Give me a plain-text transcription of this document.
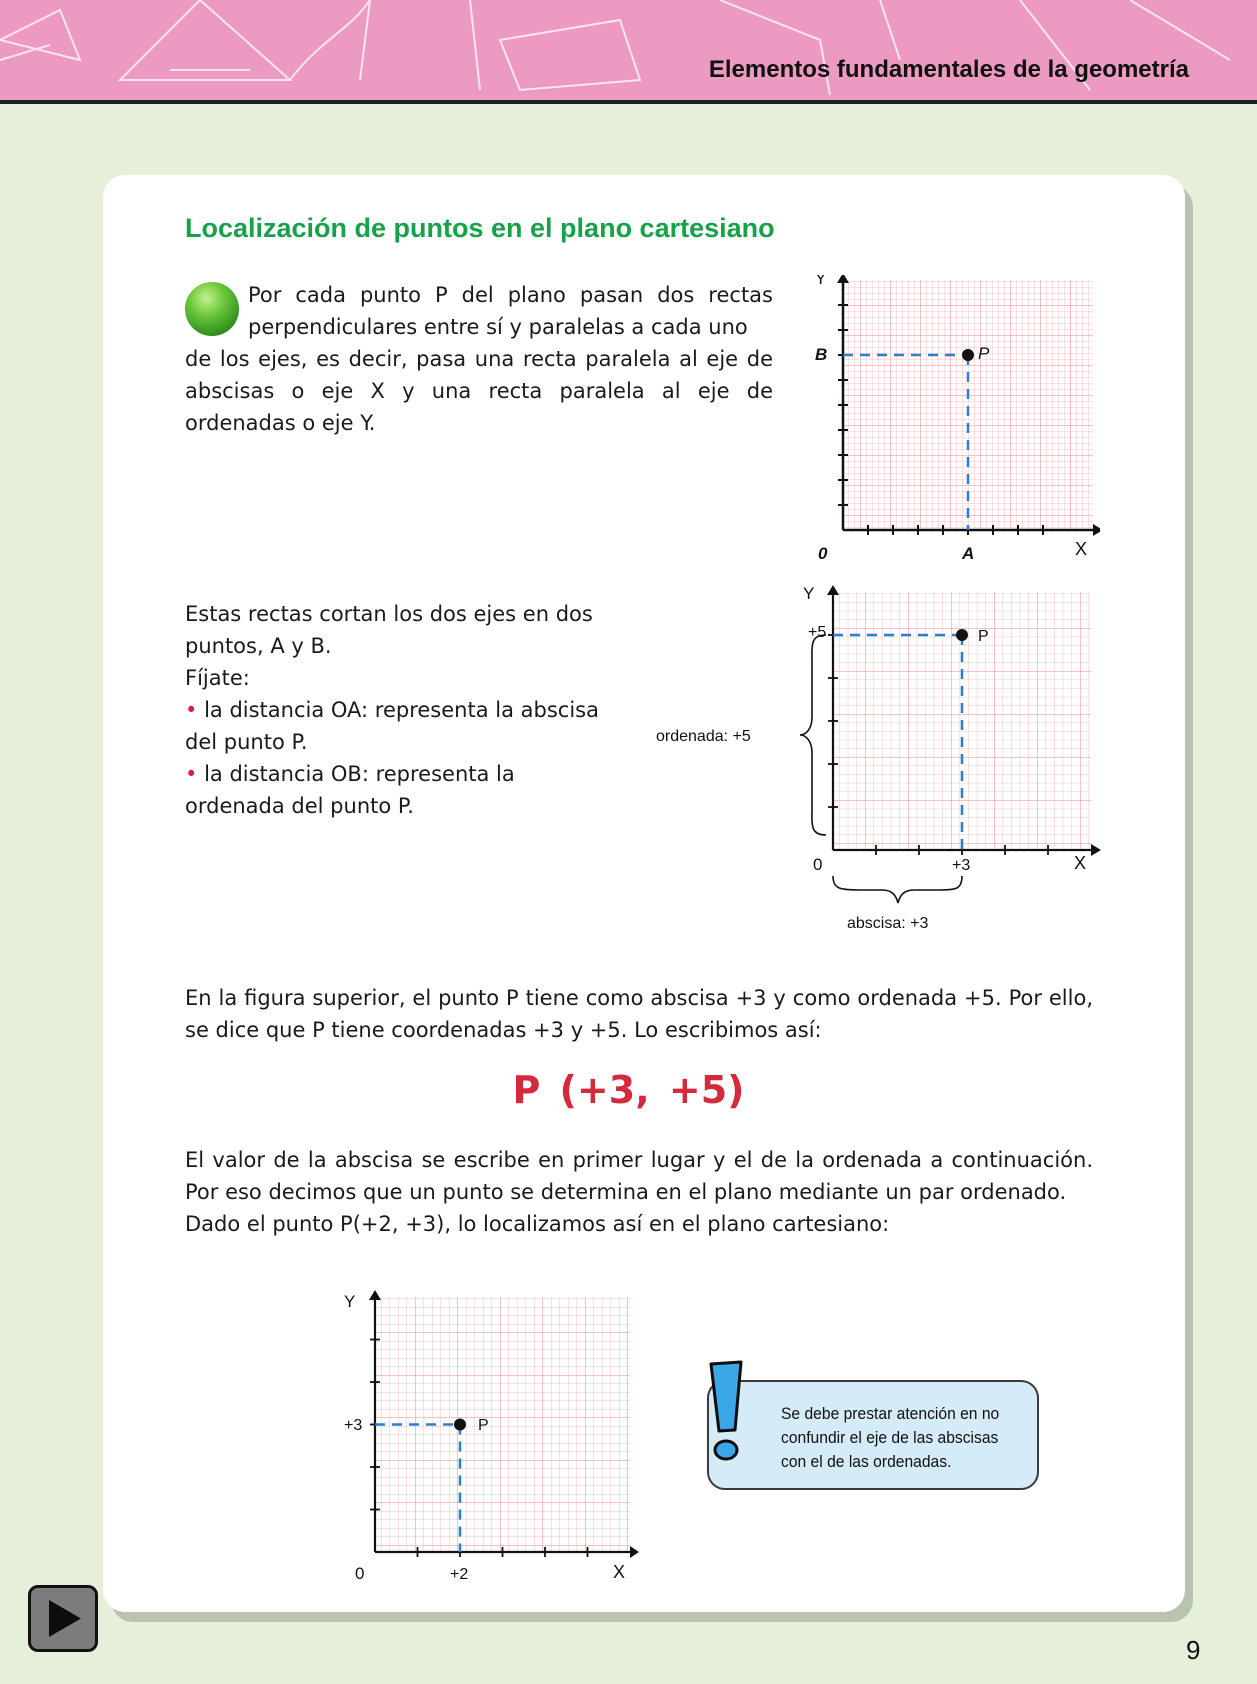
Elementos fundamentales de la geometría
Localización de puntos en el plano cartesiano
Por cada punto P del plano pasan dos rectas perpendiculares entre sí y paralelas a cada uno
de los ejes, es decir, pasa una recta paralela al eje de abscisas o eje X y una recta paralela al eje de ordenadas o eje Y.
P
Y
B
0	A	X
Estas rectas cortan los dos ejes en dos puntos, A y B.
Fíjate:
• la distancia OA: representa la abscisa del punto P.
• la distancia OB: representa la ordenada del punto P.
P
Y
+5
0	+3	X
ordenada: +5
abscisa: +3
En la figura superior, el punto P tiene como abscisa +3 y como ordenada +5. Por ello, se dice que P tiene coordenadas +3 y +5. Lo escribimos así:
P (+3, +5)
El valor de la abscisa se escribe en primer lugar y el de la ordenada a continuación. Por eso decimos que un punto se determina en el plano mediante un par ordenado.
Dado el punto P(+2, +3), lo localizamos así en el plano cartesiano:
P
Y
+3
0	+2	X
Se debe prestar atención en no confundir el eje de las abscisas con el de las ordenadas.
9
